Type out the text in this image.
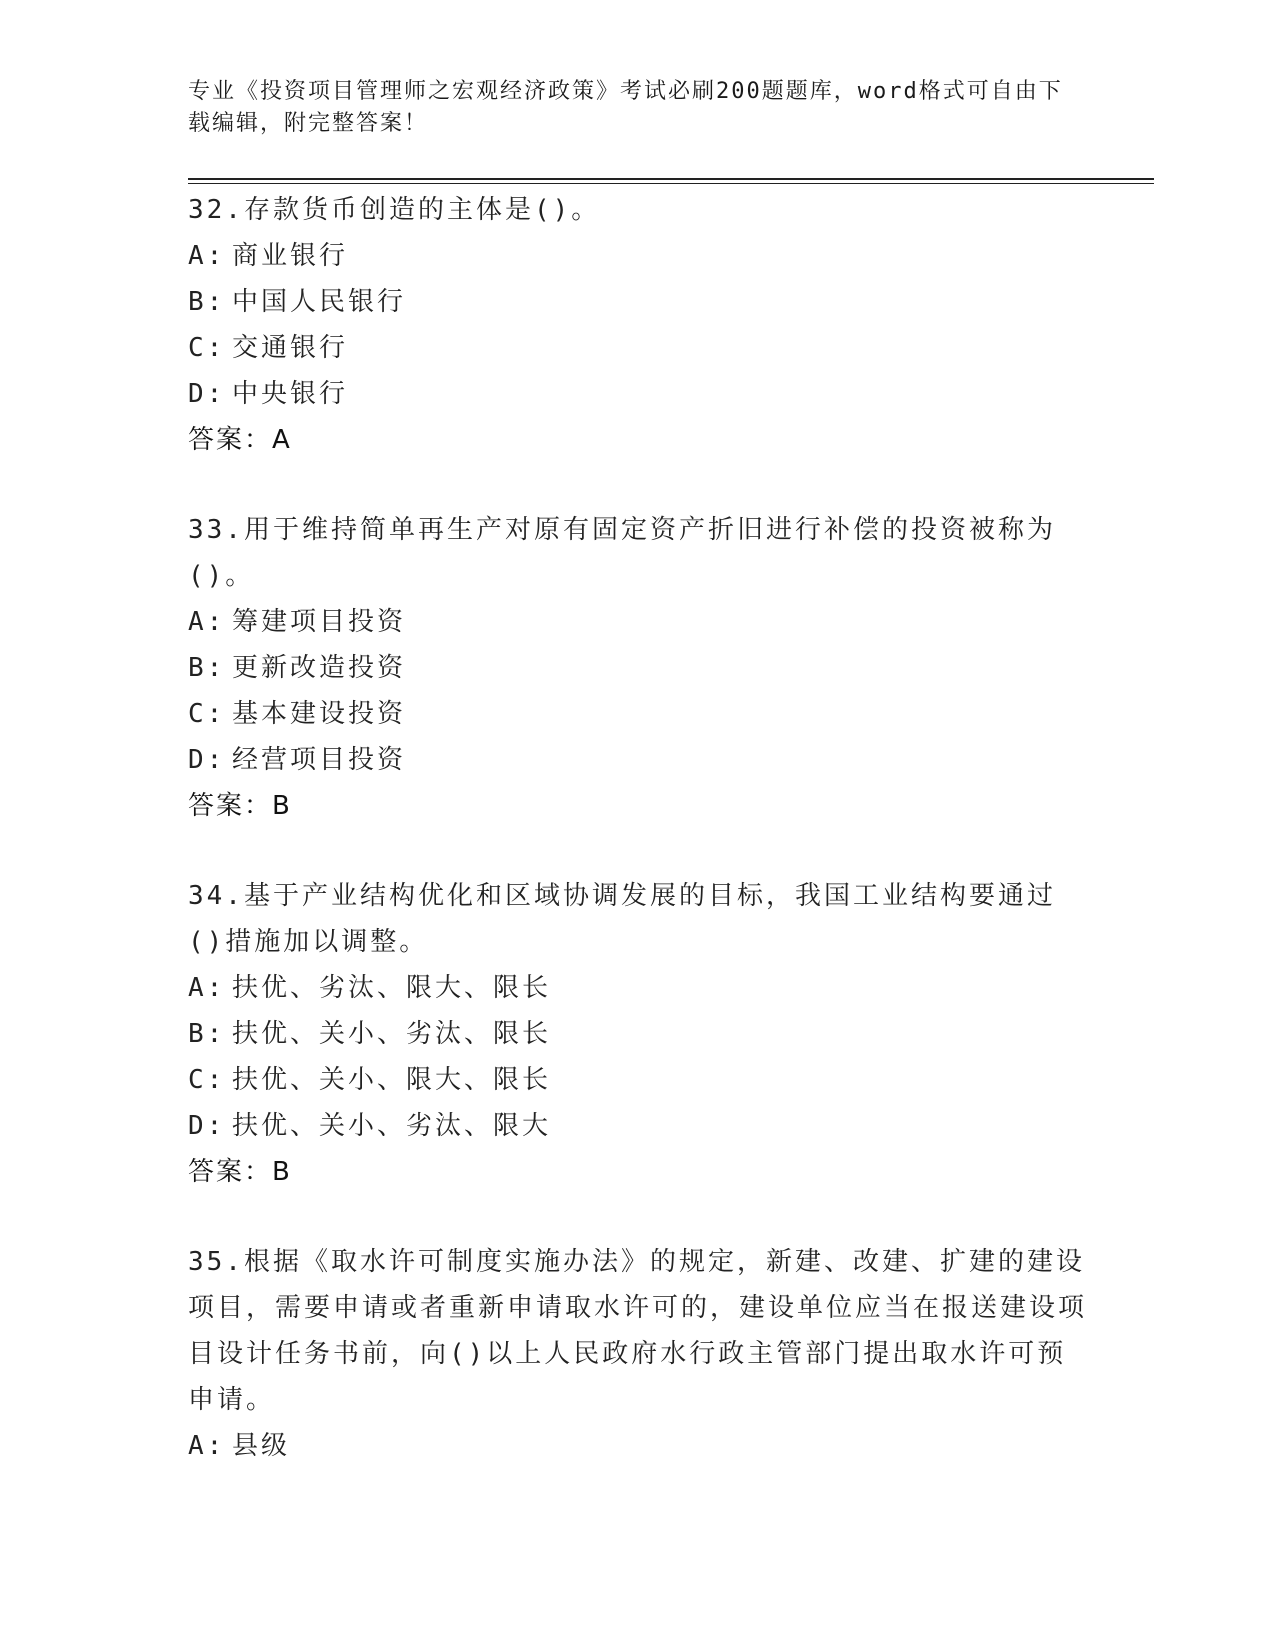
专业《投资项目管理师之宏观经济政策》考试必刷200题题库，word格式可自由下载编辑，附完整答案！
32.存款货币创造的主体是()。
A: 商业银行
B: 中国人民银行
C: 交通银行
D: 中央银行
答案：A
33.用于维持简单再生产对原有固定资产折旧进行补偿的投资被称为()。
A: 筹建项目投资
B: 更新改造投资
C: 基本建设投资
D: 经营项目投资
答案：B
34.基于产业结构优化和区域协调发展的目标，我国工业结构要通过()措施加以调整。
A: 扶优、劣汰、限大、限长
B: 扶优、关小、劣汰、限长
C: 扶优、关小、限大、限长
D: 扶优、关小、劣汰、限大
答案：B
35.根据《取水许可制度实施办法》的规定，新建、改建、扩建的建设项目，需要申请或者重新申请取水许可的，建设单位应当在报送建设项目设计任务书前，向()以上人民政府水行政主管部门提出取水许可预申请。
A: 县级
